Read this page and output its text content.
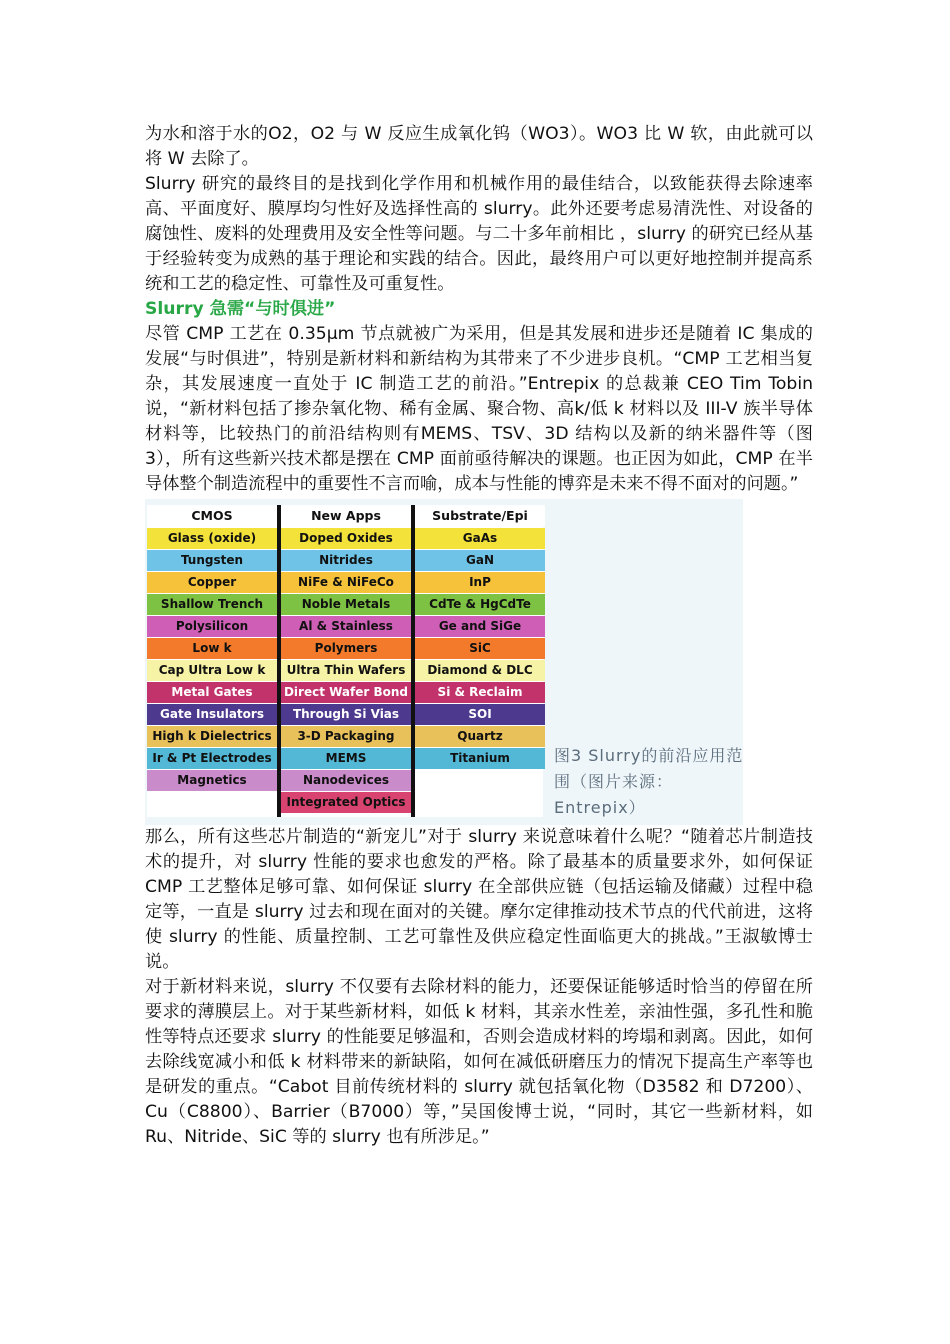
为水和溶于水的O2，O2 与 W 反应生成氧化钨（WO3）。WO3 比 W 软，由此就可以将 W 去除了。

Slurry 研究的最终目的是找到化学作用和机械作用的最佳结合，以致能获得去除速率高、平面度好、膜厚均匀性好及选择性高的 slurry。此外还要考虑易清洗性、对设备的腐蚀性、废料的处理费用及安全性等问题。与二十多年前相比 ，slurry 的研究已经从基于经验转变为成熟的基于理论和实践的结合。因此，最终用户可以更好地控制并提高系统和工艺的稳定性、可靠性及可重复性。

Slurry 急需“与时俱进”

尽管 CMP 工艺在 0.35μm 节点就被广为采用，但是其发展和进步还是随着 IC 集成的发展“与时俱进”，特别是新材料和新结构为其带来了不少进步良机。“CMP 工艺相当复杂，其发展速度一直处于 IC 制造工艺的前沿。”Entrepix 的总裁兼 CEO Tim Tobin 说，“新材料包括了掺杂氧化物、稀有金属、聚合物、高k/低 k 材料以及 III-V 族半导体材料等，比较热门的前沿结构则有MEMS、TSV、3D 结构以及新的纳米器件等（图 3），所有这些新兴技术都是摆在 CMP 面前亟待解决的课题。也正因为如此，CMP 在半导体整个制造流程中的重要性不言而喻，成本与性能的博弈是未来不得不面对的问题。”

CMOS
Glass (oxide)
Tungsten
Copper
Shallow Trench
Polysilicon
Low k
Cap Ultra Low k
Metal Gates
Gate Insulators
High k Dielectrics
Ir & Pt Electrodes
Magnetics
New Apps
Doped Oxides
Nitrides
NiFe & NiFeCo
Noble Metals
Al & Stainless
Polymers
Ultra Thin Wafers
Direct Wafer Bond
Through Si Vias
3-D Packaging
MEMS
Nanodevices
Integrated Optics
Substrate/Epi
GaAs
GaN
InP
CdTe & HgCdTe
Ge and SiGe
SiC
Diamond & DLC
Si & Reclaim
SOI
Quartz
Titanium	图3 Slurry的前沿应用范围（图片来源：Entrepix）

那么，所有这些芯片制造的“新宠儿”对于 slurry 来说意味着什么呢？“随着芯片制造技术的提升，对 slurry 性能的要求也愈发的严格。除了最基本的质量要求外，如何保证 CMP 工艺整体足够可靠、如何保证 slurry 在全部供应链（包括运输及储藏）过程中稳定等，一直是 slurry 过去和现在面对的关键。摩尔定律推动技术节点的代代前进，这将使 slurry 的性能、质量控制、工艺可靠性及供应稳定性面临更大的挑战。”王淑敏博士说。

对于新材料来说，slurry 不仅要有去除材料的能力，还要保证能够适时恰当的停留在所要求的薄膜层上。对于某些新材料，如低 k 材料，其亲水性差，亲油性强，多孔性和脆性等特点还要求 slurry 的性能要足够温和，否则会造成材料的垮塌和剥离。因此，如何去除线宽减小和低 k 材料带来的新缺陷，如何在减低研磨压力的情况下提高生产率等也是研发的重点。“Cabot 目前传统材料的 slurry 就包括氧化物（D3582 和 D7200）、Cu（C8800）、Barrier（B7000）等，”吴国俊博士说，“同时，其它一些新材料，如 Ru、Nitride、SiC 等的 slurry 也有所涉足。”
